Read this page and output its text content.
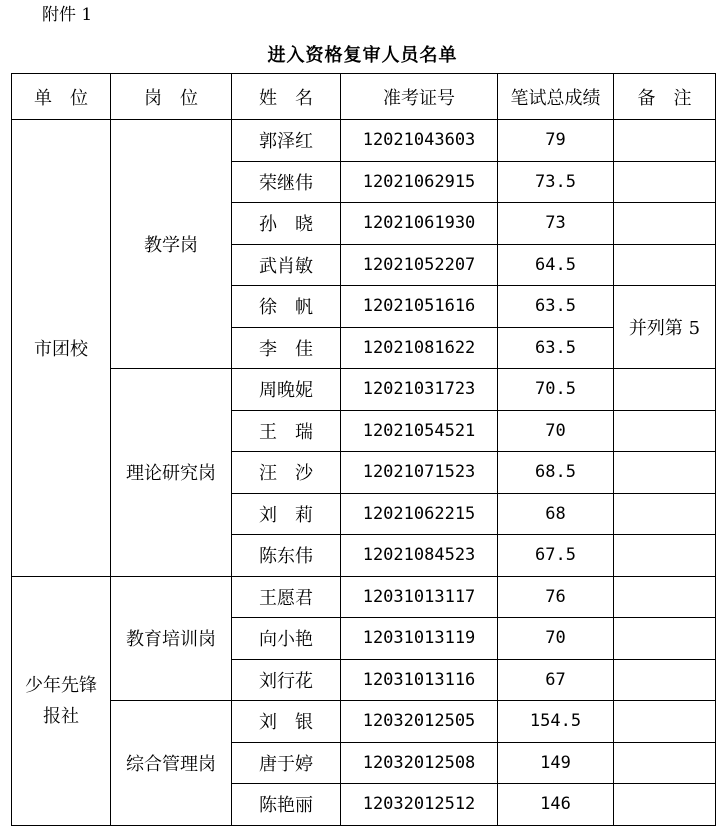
附件 1
进入资格复审人员名单
单　位	岗　位	姓　名	准考证号	笔试总成绩	备　注
市团校	教学岗	郭泽红	12021043603	79	
		荣继伟	12021062915	73.5	
		孙　晓	12021061930	73	
		武肖敏	12021052207	64.5	
		徐　帆	12021051616	63.5	并列第 5
		李　佳	12021081622	63.5	
	理论研究岗	周晚妮	12021031723	70.5	
		王　瑞	12021054521	70	
		汪　沙	12021071523	68.5	
		刘　莉	12021062215	68	
		陈东伟	12021084523	67.5	

少年先锋
报社	教育培训岗	王愿君	12031013117	76	
		向小艳	12031013119	70	
		刘行花	12031013116	67	
	综合管理岗	刘　银	12032012505	154.5	
		唐于婷	12032012508	149	
		陈艳丽	12032012512	146	
